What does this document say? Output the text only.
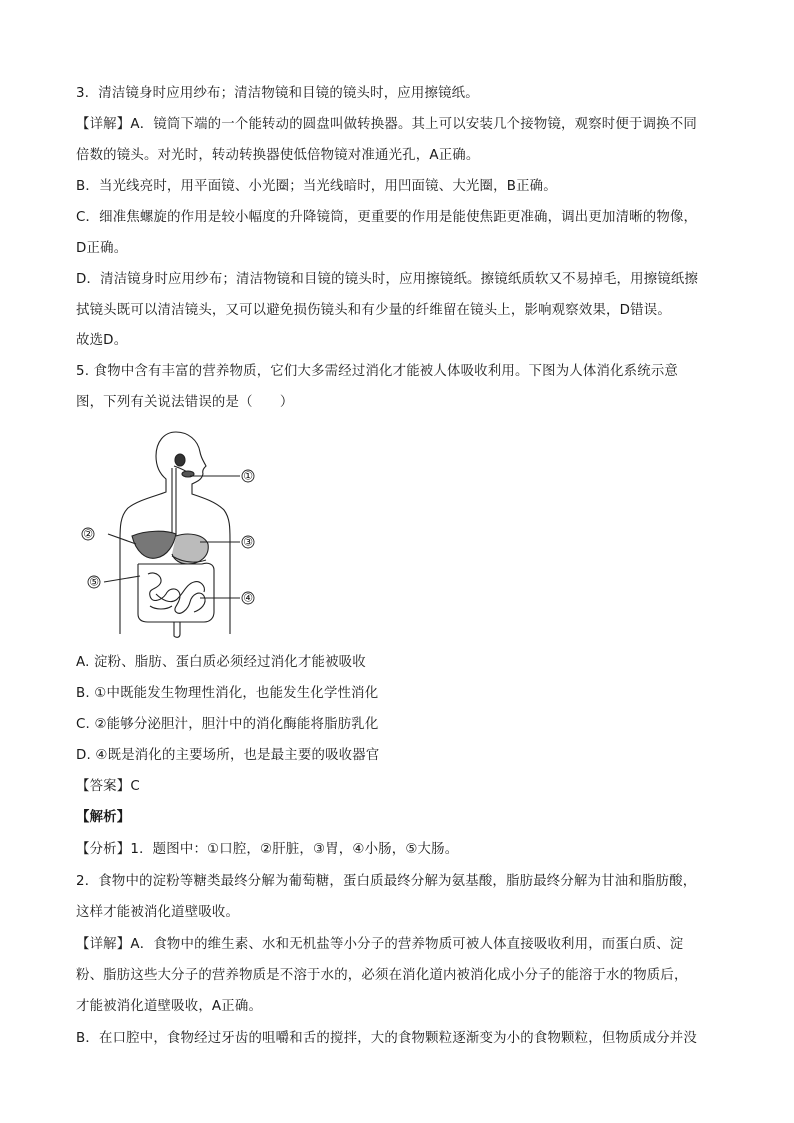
3．清洁镜身时应用纱布；清洁物镜和目镜的镜头时，应用擦镜纸。
【详解】A．镜筒下端的一个能转动的圆盘叫做转换器。其上可以安装几个接物镜，观察时便于调换不同
倍数的镜头。对光时，转动转换器使低倍物镜对准通光孔，A正确。
B．当光线亮时，用平面镜、小光圈；当光线暗时，用凹面镜、大光圈，B正确。
C．细准焦螺旋的作用是较小幅度的升降镜筒，更重要的作用是能使焦距更准确，调出更加清晰的物像，
D正确。
D．清洁镜身时应用纱布；清洁物镜和目镜的镜头时，应用擦镜纸。擦镜纸质软又不易掉毛，用擦镜纸擦
拭镜头既可以清洁镜头，又可以避免损伤镜头和有少量的纤维留在镜头上，影响观察效果，D错误。
故选D。
5. 食物中含有丰富的营养物质，它们大多需经过消化才能被人体吸收利用。下图为人体消化系统示意
图，下列有关说法错误的是（　　）
①
②
③
④
⑤
A. 淀粉、脂肪、蛋白质必须经过消化才能被吸收
B. ①中既能发生物理性消化，也能发生化学性消化
C. ②能够分泌胆汁，胆汁中的消化酶能将脂肪乳化
D. ④既是消化的主要场所，也是最主要的吸收器官
【答案】C
【解析】
【分析】1．题图中：①口腔，②肝脏，③胃，④小肠，⑤大肠。
2．食物中的淀粉等糖类最终分解为葡萄糖，蛋白质最终分解为氨基酸，脂肪最终分解为甘油和脂肪酸，
这样才能被消化道壁吸收。
【详解】A．食物中的维生素、水和无机盐等小分子的营养物质可被人体直接吸收利用，而蛋白质、淀
粉、脂肪这些大分子的营养物质是不溶于水的，必须在消化道内被消化成小分子的能溶于水的物质后，
才能被消化道壁吸收，A正确。
B．在口腔中，食物经过牙齿的咀嚼和舌的搅拌，大的食物颗粒逐渐变为小的食物颗粒，但物质成分并没
